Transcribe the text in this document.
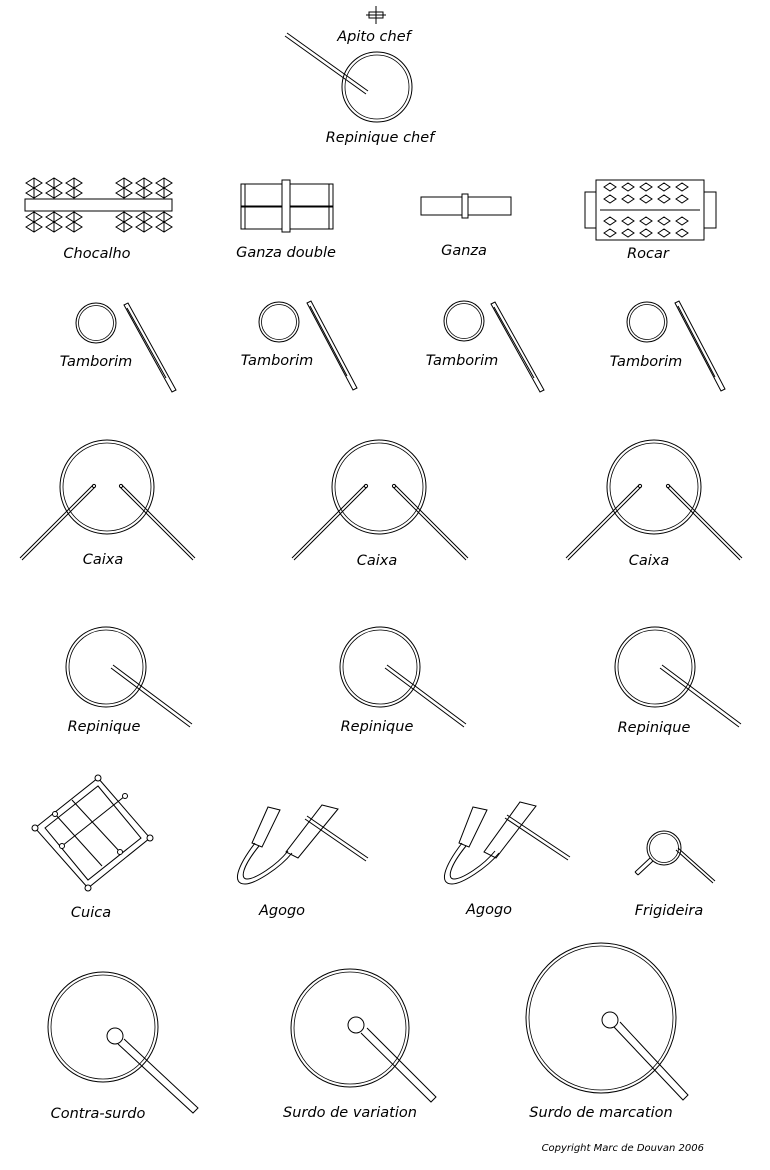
Apito chef
Repinique chef
Chocalho	Ganza double	Ganza	Rocar
Tamborim	Tamborim	Tamborim	Tamborim
Caixa	Caixa	Caixa
Repinique	Repinique	Repinique
Cuica	Agogo	Agogo	Frigideira
Contra-surdo	Surdo de variation	Surdo de marcation
Copyright Marc de Douvan 2006
